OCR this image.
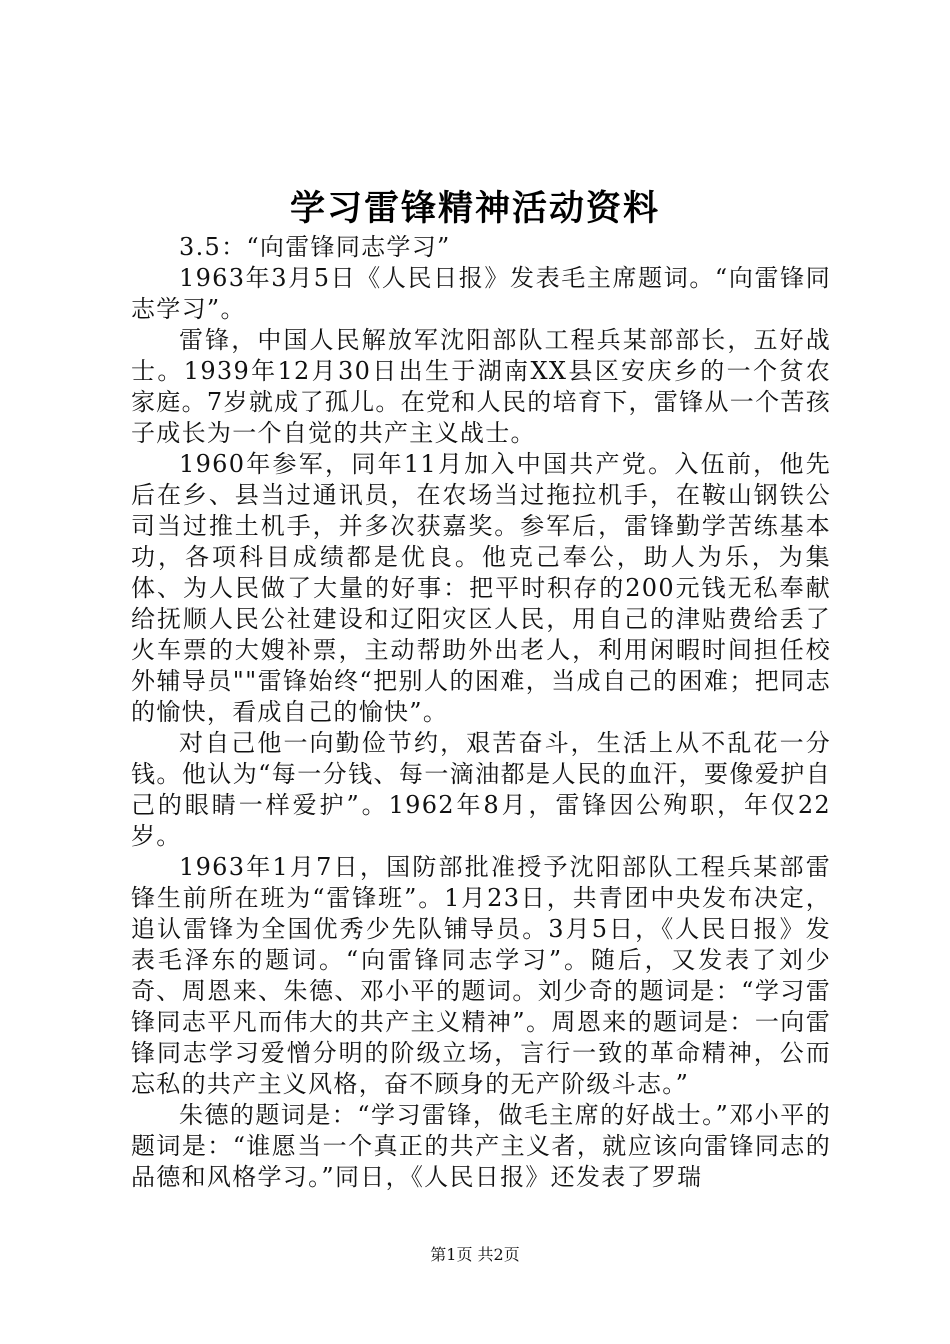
学习雷锋精神活动资料

3.5：“向雷锋同志学习”

1963年3月5日《人民日报》发表毛主席题词。“向雷锋同志学习”。

雷锋，中国人民解放军沈阳部队工程兵某部部长，五好战士。1939年12月30日出生于湖南XX县区安庆乡的一个贫农家庭。7岁就成了孤儿。在党和人民的培育下，雷锋从一个苦孩子成长为一个自觉的共产主义战士。

1960年参军，同年11月加入中国共产党。入伍前，他先后在乡、县当过通讯员，在农场当过拖拉机手，在鞍山钢铁公司当过推土机手，并多次获嘉奖。参军后，雷锋勤学苦练基本功，各项科目成绩都是优良。他克己奉公，助人为乐，为集体、为人民做了大量的好事：把平时积存的200元钱无私奉献给抚顺人民公社建设和辽阳灾区人民，用自己的津贴费给丢了火车票的大嫂补票，主动帮助外出老人，利用闲暇时间担任校外辅导员""雷锋始终“把别人的困难，当成自己的困难；把同志的愉快，看成自己的愉快”。

对自己他一向勤俭节约，艰苦奋斗，生活上从不乱花一分钱。他认为“每一分钱、每一滴油都是人民的血汗，要像爱护自己的眼睛一样爱护”。1962年8月，雷锋因公殉职，年仅22岁。

1963年1月7日，国防部批准授予沈阳部队工程兵某部雷锋生前所在班为“雷锋班”。1月23日，共青团中央发布决定，追认雷锋为全国优秀少先队铺导员。3月5日，《人民日报》发表毛泽东的题词。“向雷锋同志学习”。随后，又发表了刘少奇、周恩来、朱德、邓小平的题词。刘少奇的题词是：“学习雷锋同志平凡而伟大的共产主义精神”。周恩来的题词是：一向雷锋同志学习爱憎分明的阶级立场，言行一致的革命精神，公而忘私的共产主义风格，奋不顾身的无产阶级斗志。”

朱德的题词是：“学习雷锋，做毛主席的好战士。”邓小平的题词是：“谁愿当一个真正的共产主义者，就应该向雷锋同志的品德和风格学习。”同日，《人民日报》还发表了罗瑞

第1页 共2页
